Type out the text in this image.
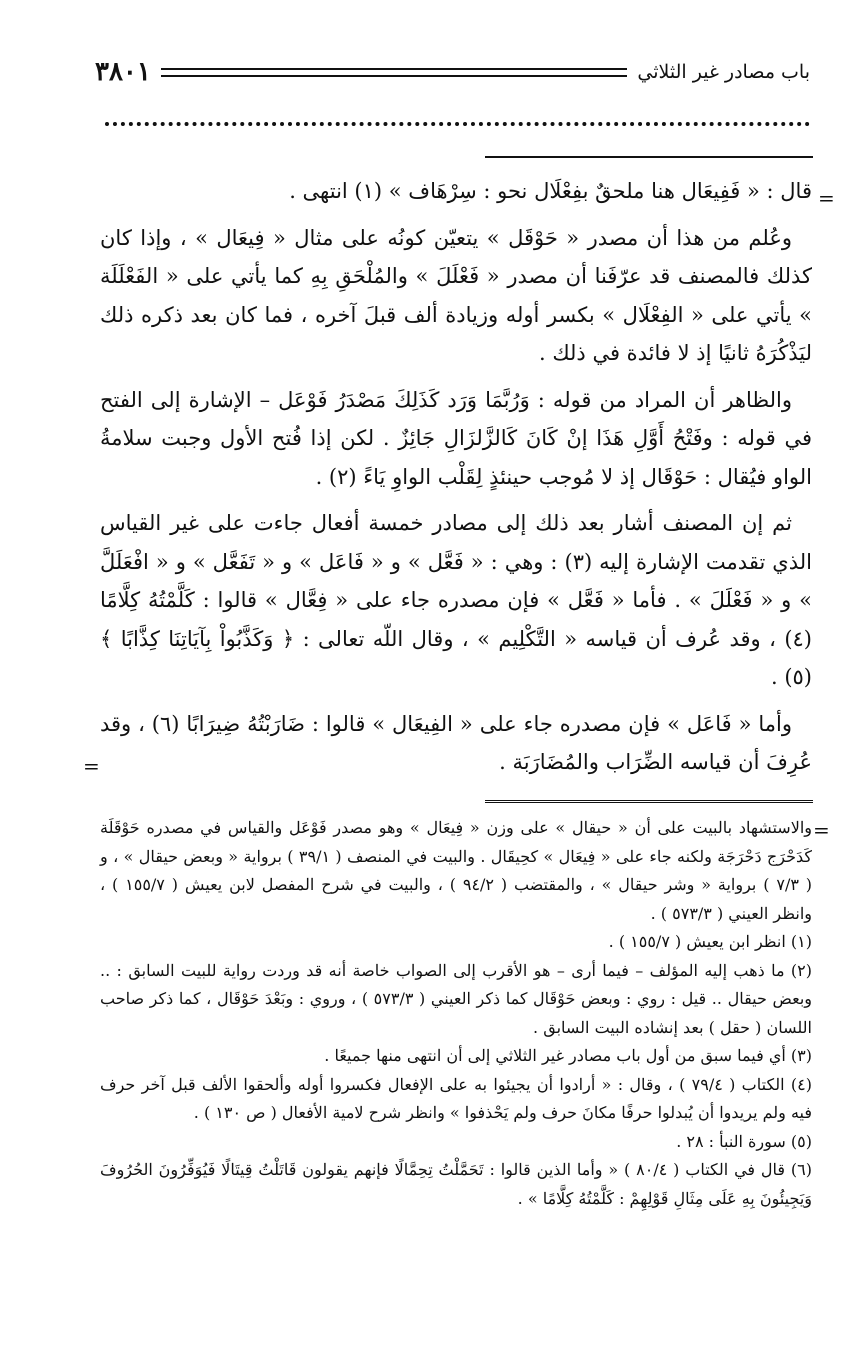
باب مصادر غير الثلاثي
٣٨٠١
=

قال : « فَفِيعَال هنا ملحقٌ بفِعْلَال نحو : سِرْهَاف » (١) انتهى .

وعُلم من هذا أن مصدر « حَوْقَل » يتعيّن كونُه على مثال « فِيعَال » ، وإذا كان كذلك فالمصنف قد عرّفَنا أن مصدر « فَعْلَلَ » والمُلْحَقِ بِهِ كما يأتي على « الفَعْلَلَة » يأتي على « الفِعْلَال » بكسر أوله وزيادة ألف قبلَ آخره ، فما كان بعد ذكره ذلك ليَذْكُرَهُ ثانيًا إذ لا فائدة في ذلك .

والظاهر أن المراد من قوله : وَرُبَّمَا وَرَد كَذَلِكَ مَصْدَرُ فَوْعَل – الإشارة إلى الفتح في قوله : وفَتْحُ أَوَّلِ هَذَا إنْ كَانَ كَالزَّلزَالِ جَائِزٌ . لكن إذا فُتح الأول وجبت سلامةُ الواو فيُقال : حَوْقَال إذ لا مُوجب حينئذٍ لِقَلْب الواوِ يَاءً (٢) .

ثم إن المصنف أشار بعد ذلك إلى مصادر خمسة أفعال جاءت على غير القياس الذي تقدمت الإشارة إليه (٣) : وهي : « فَعَّل » و « فَاعَل » و « تَفَعَّل » و « افْعَلَلَّ » و « فَعْلَلَ » . فأما « فَعَّل » فإن مصدره جاء على « فِعَّال » قالوا : كَلَّمْتُهُ كِلَّامًا (٤) ، وقد عُرف أن قياسه « التَّكْلِيم » ، وقال اللّه تعالى : ﴿ وَكَذَّبُواْ بِآيَاتِنَا كِذَّابًا ﴾ (٥) .

وأما « فَاعَل » فإن مصدره جاء على « الفِيعَال » قالوا : ضَارَبْتُهُ ضِيرَابًا (٦) ، وقد عُرِفَ أن قياسه الضِّرَاب والمُضَارَبَة .

=
=

والاستشهاد بالبيت على أن « حيقال » على وزن « فِيعَال » وهو مصدر فَوْعَل والقياس في مصدره حَوْقَلَة كَدَحْرَج دَحْرَجَة ولكنه جاء على « فِيعَال » كحِيقَال . والبيت في المنصف ( ٣٩/١ ) برواية « وبعض حيقال » ، و ( ٧/٣ ) برواية « وشر حيقال » ، والمقتضب ( ٩٤/٢ ) ، والبيت في شرح المفصل لابن يعيش ( ١٥٥/٧ ) ، وانظر العيني ( ٥٧٣/٣ ) .

(١) انظر ابن يعيش ( ١٥٥/٧ ) .

(٢) ما ذهب إليه المؤلف – فيما أرى – هو الأقرب إلى الصواب خاصة أنه قد وردت رواية للبيت السابق : .. وبعض حيقال .. قيل : روي : وبعض حَوْقَال كما ذكر العيني ( ٥٧٣/٣ ) ، وروي : وبَعْدَ حَوْقَال ، كما ذكر صاحب اللسان ( حقل ) بعد إنشاده البيت السابق .

(٣) أي فيما سبق من أول باب مصادر غير الثلاثي إلى أن انتهى منها جميعًا .

(٤) الكتاب ( ٧٩/٤ ) ، وقال : « أرادوا أن يجيئوا به على الإفعال فكسروا أوله وألحقوا الألف قبل آخر حرف فيه ولم يريدوا أن يُبدلوا حرفًا مكانَ حرف ولم يَحْذفوا » وانظر شرح لامية الأفعال ( ص ١٣٠ ) .

(٥) سورة النبأ : ٢٨ .

(٦) قال في الكتاب ( ٨٠/٤ ) « وأما الذين قالوا : تَحَمَّلْتُ تِحِمَّالًا فإنهم يقولون قَاتَلْتُ قِيتَالًا فَيُوَفِّرُونَ الحُرُوفَ وَيَجِيئُونَ بِهِ عَلَى مِثَالِ قَوْلِهِمْ : كَلَّمْتُهُ كِلَّامًا » .
